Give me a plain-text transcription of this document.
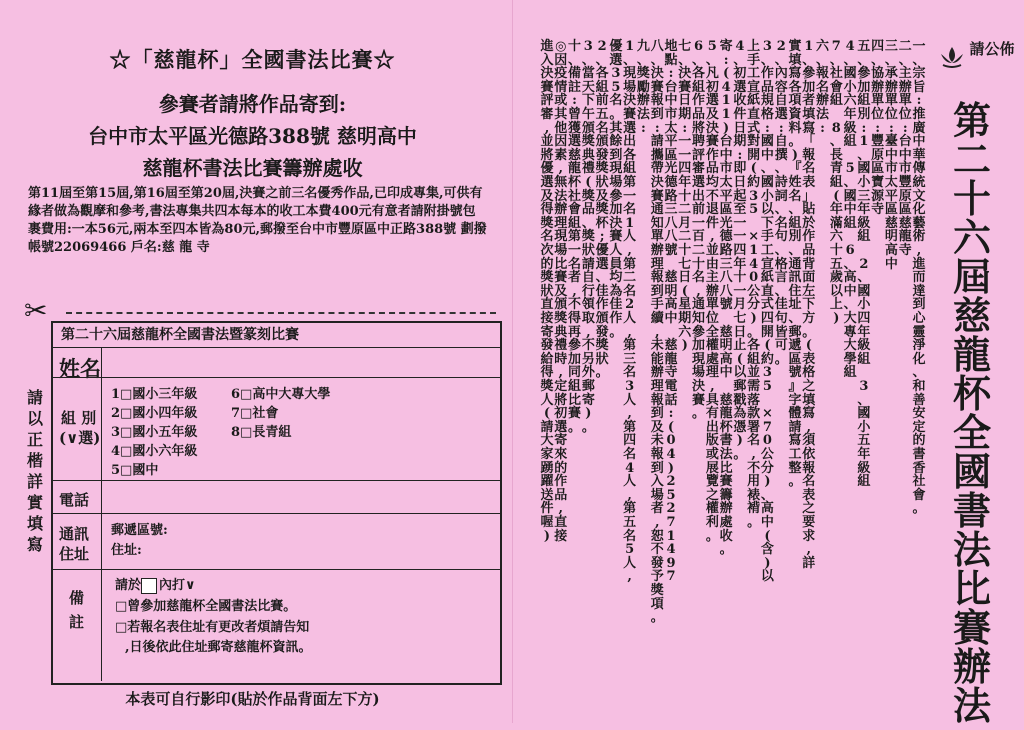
☆「慈龍杯」全國書法比賽☆
參賽者請將作品寄到:
台中市太平區光德路388號 慈明高中
慈龍杯書法比賽籌辦處收
第11屆至第15屆,第16屆至第20屆,決賽之前三名優秀作品,已印成專集,可供有緣者做為觀摩和參考,書法專集共四本每本的收工本費400元有意者請附掛號包裹費用:一本56元,兩本至四本皆為80元,郵撥至台中市豐原區中正路388號 劃撥帳號22069466 戶名:慈 龍 寺
✂
請
以
正
楷
詳
實
填
寫
第二十六屆慈龍杯全國書法暨篆刻比賽
姓名
組 別
(∨選)
1□國小三年級
2□國小四年級
3□國小五年級
4□國小六年級
5□國中
6□高中大專大學
7□社會
8□長青組
電話
通訊
住址
郵遞區號:
住址:
備
註
請於 內打∨
□曾參加慈龍杯全國書法比賽。
□若報名表住址有更改者煩請告知
,日後依此住址郵寄慈龍杯資訊。
本表可自行影印(貼於作品背面左下方)
請公佈
第
二
十
六
屆
慈
龍
杯
全
國
書
法
比
賽
辦
法
一
、
宗
旨
:
推
廣
中
華
傳
統
文
化
藝
術
,
進
而
達
到
心
靈
淨
化
、
和
善
安
定
的
書
香
社
會
。
二
、
主
辦
單
位
:
台
中
市
豐
原
區
慈
龍
寺
三
、
承
辦
單
位
:
臺
中
市
太
平
區
慈
明
高
中
四
、
協
辦
單
位
:
豐
原
區
寶
源
寺
五
、
參
加
組
別
:
1
、
國
小
三
年
級
組
2
、
國
小
四
年
級
組
3
、
國
小
五
年
級
組
4
、
國
小
六
年
級
組
5
、
國
中
組
6
、
高
中
、
大
專
大
學
組
7
、
社
會
組
8
、
長
青
組
(
年
滿
六
十
五
歲
以
上
)
六
、
報
名
辦
法
:
1
、
參
加
者
填
寫
「
報
名
表
」
貼
於
作
品
背
面
左
下
方
。
(
表
格
之
填
寫
,
須
依
報
名
表
之
要
求
,
詳
實
填
寫
各
項
資
料
。
)
『
姓
名
、
組
別
、
通
訊
住
址
、
郵
遞
區
號
』
字
體
請
寫
工
整
。
2
、
內
容
自
選
:
自
撰
、
詩
詞
、
名
句
、
格
言
、
佳
句
皆
可
。
3
、
作
品
規
格
:
國
中
、
國
小
以
下
手
工
宣
紙
直
式
四
開
(
約
3
5
×
7
0
公
分
)
、
高
中
(
含
)
以
上
手
工
宣
紙
直
式
對
開
(
約
3
5
×
1
4
0
公
分
)
。
各
組
並
需
落
款
署
名
,
不
用
裱
褙
。
4
、
初
選
收
件
日
期
:
即
日
起
至
一
一
四
年
十
一
月
七
日
止
(
以
郵
戳
為
憑
)
。
寄
:
(
4
1
1
)
台
中
市
太
平
區
光
德
路
三
八
八
號
慈
明
高
中
慈
龍
杯
書
法
比
賽
籌
辦
處
收
。
5
、
凡
初
選
及
決
賽
作
品
均
不
退
件
,
並
由
主
辦
單
位
全
權
處
理
,
具
有
出
版
或
展
覽
之
權
利
。
6
、
各
組
作
品
將
聘
評
審
選
出
前
一
百
二
十
名
,
通
知
參
加
現
場
決
賽
。
七
、
決
賽
日
期
:
一
一
四
年
十
二
月
二
十
七
日
(
星
期
六
)
地
點
:
台
中
市
太
平
區
光
德
路
三
八
八
號
慈
明
高
中
慈
龍
寺
電
話
:
(
0
4
)
2
5
2
7
1
4
9
7
八
、
決
賽
報
到
:
請
攜
帶
決
賽
通
知
單
辦
理
報
到
手
續
,
未
能
辦
理
報
到
及
未
報
到
入
場
者
,
恕
不
發
予
獎
項
。
九
、
獎
勵
辦
法
:
1
、
現
場
決
賽
選
出
各
組
第
一
名
1
人
,
第
二
名
2
人
,
第
三
名
3
人
,
第
四
名
4
人
,
第
五
名
5
人
,
優
選
3
5
名
。
其
餘
到
現
場
參
加
決
賽
人
員
均
為
佳
作
。
2
、
各
組
前
五
名
頒
發
獎
狀
及
獎
杯
;
優
選
、
佳
作
頒
發
獎
狀
。
3
、
當
天
下
午
頒
獎
典
禮
(
獎
品
、
獎
狀
請
自
行
領
取
,
不
另
外
郵
寄
)
。
十
、
備
註
:
曾
獲
選
慈
龍
杯
社
會
組
第
一
名
者
,
不
得
再
參
加
同
組
比
賽
。
◎
因
疫
情
或
其
他
因
素
,
無
法
辦
理
現
場
比
賽
及
頒
獎
典
禮
時
,
定
將
初
選
寄
來
的
作
品
,
直
接
進
入
決
賽
評
審
,
並
將
優
選
及
得
獎
名
次
的
獎
狀
直
接
寄
發
給
得
獎
人
(
請
大
家
踴
躍
送
件
喔
)
